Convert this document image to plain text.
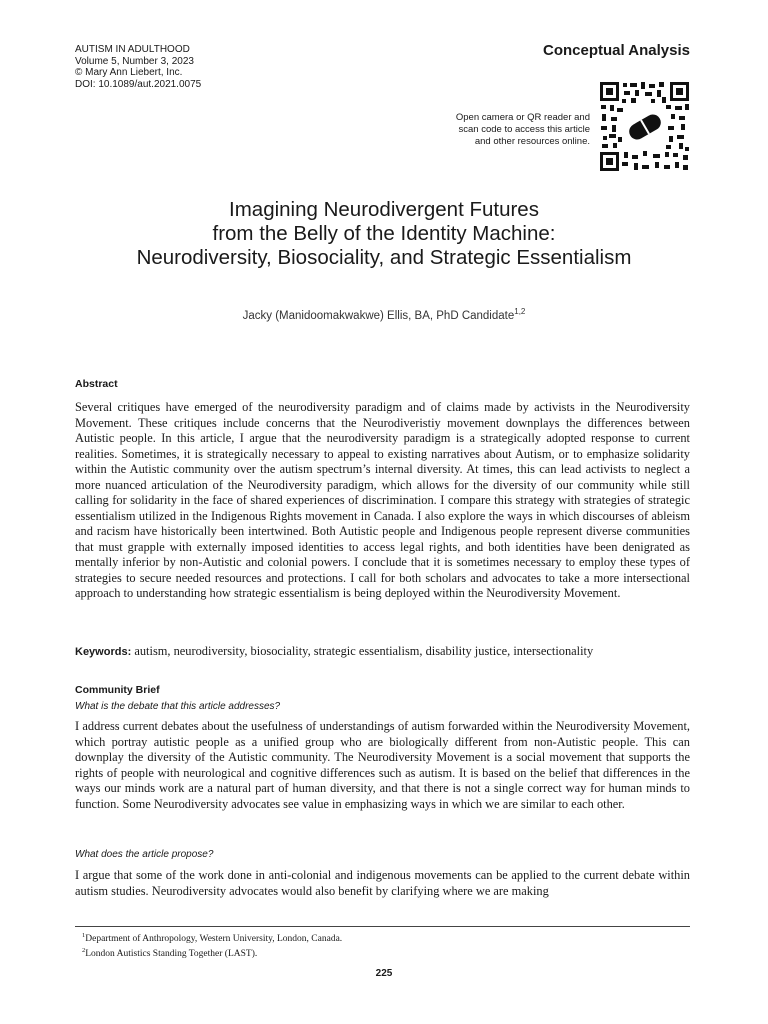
AUTISM IN ADULTHOOD
Volume 5, Number 3, 2023
© Mary Ann Liebert, Inc.
DOI: 10.1089/aut.2021.0075
Conceptual Analysis
Open camera or QR reader and
scan code to access this article
and other resources online.
Imagining Neurodivergent Futures
from the Belly of the Identity Machine:
Neurodiversity, Biosociality, and Strategic Essentialism
Jacky (Manidoomakwakwe) Ellis, BA, PhD Candidate$^{1,2}$
Abstract

Several critiques have emerged of the neurodiversity paradigm and of claims made by activists in the Neurodiversity Movement. These critiques include concerns that the Neurodiveristiy movement downplays the differences between Autistic people. In this article, I argue that the neurodiversity paradigm is a strategically adopted response to current realities. Sometimes, it is strategically necessary to appeal to existing narratives about Autism, or to emphasize solidarity within the Autistic community over the autism spectrum’s internal diversity. At times, this can lead activists to neglect a more nuanced articulation of the Neurodiversity paradigm, which allows for the diversity of our community while still calling for solidarity in the face of shared experiences of discrimination. I compare this strategy with strategies of strategic essentialism utilized in the Indigenous Rights movement in Canada. I also explore the ways in which discourses of ableism and racism have historically been intertwined. Both Autistic people and Indigenous people represent diverse communities that must grapple with externally imposed identities to access legal rights, and both identities have been denigrated as mentally inferior by non-Autistic and colonial powers. I conclude that it is sometimes necessary to employ these types of strategies to secure needed resources and protections. I call for both scholars and advocates to take a more intersectional approach to understanding how strategic essentialism is being deployed within the Neurodiversity Movement.

Keywords: autism, neurodiversity, biosociality, strategic essentialism, disability justice, intersectionality
Community Brief
What is the debate that this article addresses?

I address current debates about the usefulness of understandings of autism forwarded within the Neurodiversity Movement, which portray autistic people as a unified group who are biologically different from non-Autistic people. This can downplay the diversity of the Autistic community. The Neurodiversity Movement is a social movement that supports the rights of people with neurological and cognitive differences such as autism. It is based on the belief that differences in the ways our minds work are a natural part of human diversity, and that there is not a single correct way for human minds to function. Some Neurodiversity advocates see value in emphasizing ways in which we are similar to each other.

What does the article propose?

I argue that some of the work done in anti-colonial and indigenous movements can be applied to the current debate within autism studies. Neurodiversity advocates would also benefit by clarifying where we are making

$^1$Department of Anthropology, Western University, London, Canada.
$^2$London Autistics Standing Together (LAST).
225
